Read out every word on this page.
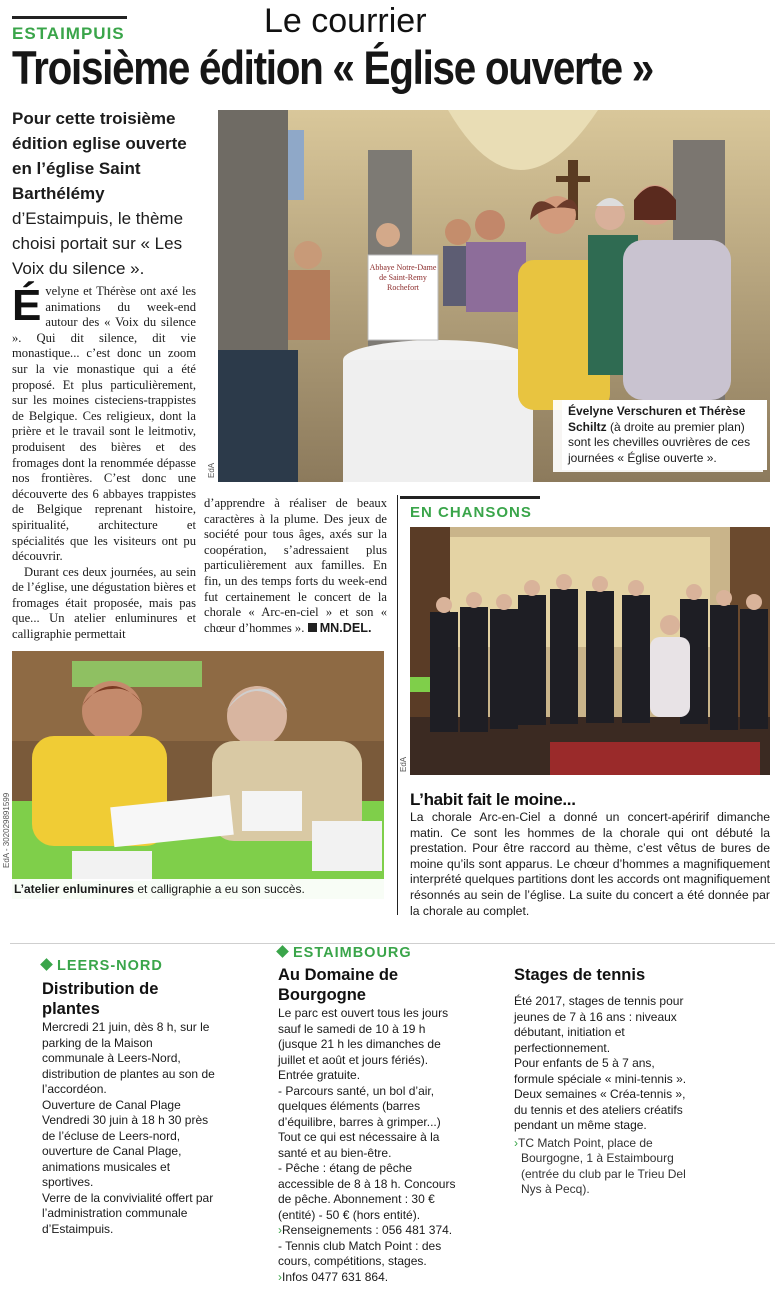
Le courrier
ESTAIMPUIS
Troisième édition « Église ouverte »
Pour cette troisième édition eglise ouverte en l’église Saint Barthélémy d’Estaimpuis, le thème choisi portait sur « Les Voix du silence ».
É velyne et Thérèse ont axé les animations du week-end autour des « Voix du silence ». Qui dit silence, dit vie monastique... c’est donc un zoom sur la vie monastique qui a été proposé. Et plus particulièrement, sur les moines cisteciens-trappistes de Belgique. Ces religieux, dont la prière et le travail sont le leitmotiv, produisent des bières et des fromages dont la renommée dépasse nos frontières. C’est donc une découverte des 6 abbayes trappistes de Belgique reprenant histoire, spiritualité, architecture et spécialités que les visiteurs ont pu découvrir.

Durant ces deux journées, au sein de l’église, une dégustation bières et fromages était proposée, mais pas que... Un atelier enluminures et calligraphie permettait

d’apprendre à réaliser de beaux caractères à la plume. Des jeux de société pour tous âges, axés sur la coopération, s’adressaient plus particulièrement aux familles. En fin, un des temps forts du week-end fut certainement le concert de la chorale « Arc-en-ciel » et son « chœur d’hommes ».  MN.DEL.
Abbaye Notre-Dame de Saint-Remy Rochefort
Évelyne Verschuren et Thérèse Schiltz (à droite au premier plan) sont les chevilles ouvrières de ces journées « Église ouverte ».
EdA
L’atelier enluminures et calligraphie a eu son succès.
EdA - 302029891599
EN CHANSONS
EdA
L’habit fait le moine...
La chorale Arc-en-Ciel a donné un concert-apéririf dimanche matin. Ce sont les hommes de la chorale qui ont débuté la prestation. Pour être raccord au thème, c’est vêtus de bures de moine qu’ils sont apparus. Le chœur d’hommes a magnifiquement interprété quelques partitions dont les accords ont magnifiquement résonnés au sein de l’église. La suite du concert a été donnée par la chorale au complet.
LEERS-NORD
Distribution de plantes
Mercredi 21 juin, dès 8 h, sur le parking de la Maison communale à Leers-Nord, distribution de plantes au son de l’accordéon.
Ouverture de Canal Plage
Vendredi 30 juin à 18 h 30 près de l’écluse de Leers-nord, ouverture de Canal Plage, animations musicales et sportives.
Verre de la convivialité offert par l’administration communale d’Estaimpuis.
ESTAIMBOURG
Au Domaine de Bourgogne
Le parc est ouvert tous les jours sauf le samedi de 10 à 19 h (jusque 21 h les dimanches de juillet et août et jours fériés). Entrée gratuite.
- Parcours santé, un bol d’air, quelques éléments (barres d’équilibre, barres à grimper...) Tout ce qui est nécessaire à la santé et au bien-être.
- Pêche : étang de pêche accessible de 8 à 18 h. Concours de pêche. Abonnement : 30 € (entité) - 50 € (hors entité).
›Renseignements : 056 481 374.
- Tennis club Match Point : des cours, compétitions, stages.
›Infos 0477 631 864.
Stages de tennis
Été 2017, stages de tennis pour jeunes de 7 à 16 ans : niveaux débutant, initiation et perfectionnement.
Pour enfants de 5 à 7 ans, formule spéciale « mini-tennis ». Deux semaines « Créa-tennis », du tennis et des ateliers créatifs pendant un même stage.
›TC Match Point, place de Bourgogne, 1 à Estaimbourg (entrée du club par le Trieu Del Nys à Pecq).
